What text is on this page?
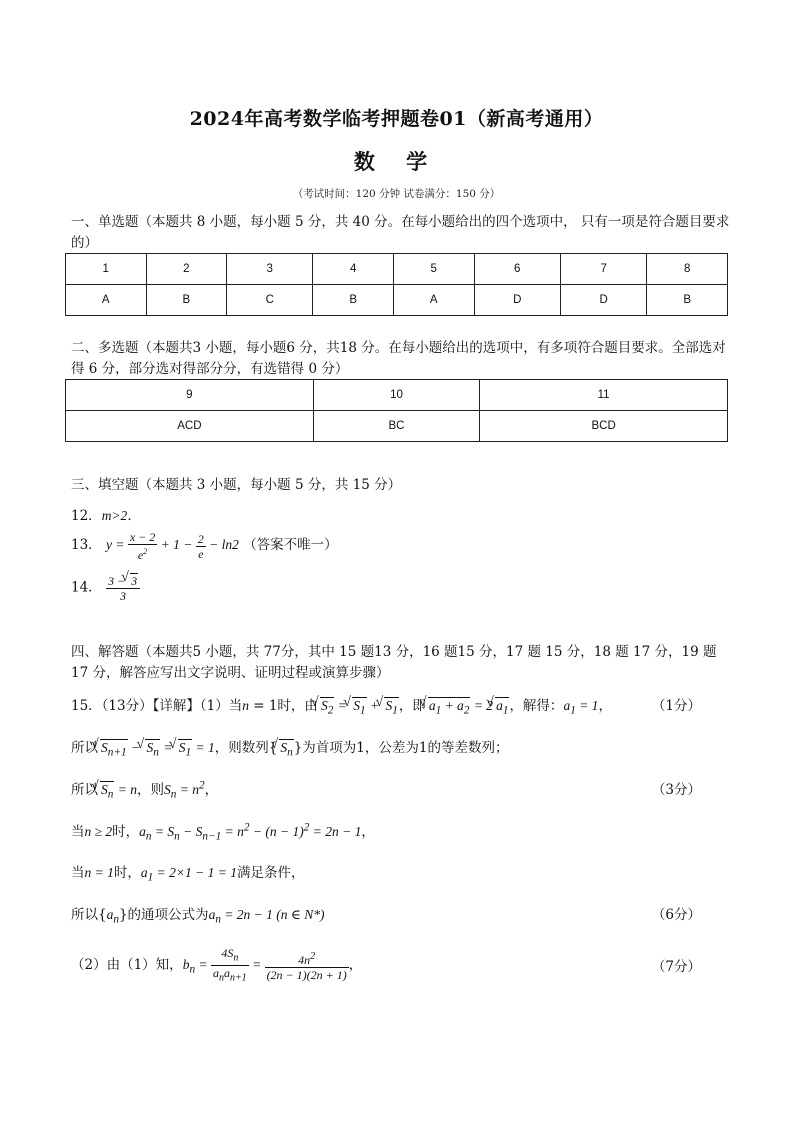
2024年高考数学临考押题卷01（新高考通用）
数 学
（考试时间：120 分钟 试卷满分：150 分）
一、单选题（本题共 8 小题，每小题 5 分，共 40 分。在每小题给出的四个选项中， 只有一项是符合题目要求的）
1	2	3	4	5	6	7	8
A	B	C	B	A	D	D	B
二、多选题（本题共3 小题，每小题6 分，共18 分。在每小题给出的选项中，有多项符合题目要求。全部选对得 6 分，部分选对得部分分，有选错得 0 分）
9	10	11
ACD	BC	BCD
三、填空题（本题共 3 小题，每小题 5 分，共 15 分）
12．m>2．
13． $y = \frac{x - 2}{e^2} + 1 - \frac{2}{e} - \ln 2$ （答案不唯一）
14． $\frac{3 - √ 3}{3}$
四、解答题（本题共5 小题，共 77分，其中 15 题13 分，16 题15 分，17 题 15 分，18 题 17 分，19 题 17 分，解答应写出文字说明、证明过程或演算步骤）
15．（13分）【详解】（1）当n = 1时，由 √ $S_2$ = √ $S_1$ + √ $S_1$，即 √ $a_1 + a_2 = 2$ √ $a_1$，解得：$a_1 = 1$，	（1分）
所以 √ $S_{n+1}$ − √ $S_n$ = √ $S_1 = 1$，则数列{ √ $S_n$}为首项为1，公差为1的等差数列；
所以 √ $S_n = n$，则$S_n = n^2$，	（3分）
当n ≥ 2时，$a_n = S_n - S_{n-1} = n^2 - (n - 1)^2 = 2n - 1$，
当n = 1时，$a_1 = 2\times 1 - 1 = 1$满足条件，
所以$\{a_n\}$的通项公式为$a_n = 2n - 1$ (n ∈ N*)	（6分）
（2）由（1）知，$b_n = \frac{4S_n}{a_na_{n+1}} = \frac{4n^2}{(2n - 1)(2n + 1)}$ ，	（7分）
